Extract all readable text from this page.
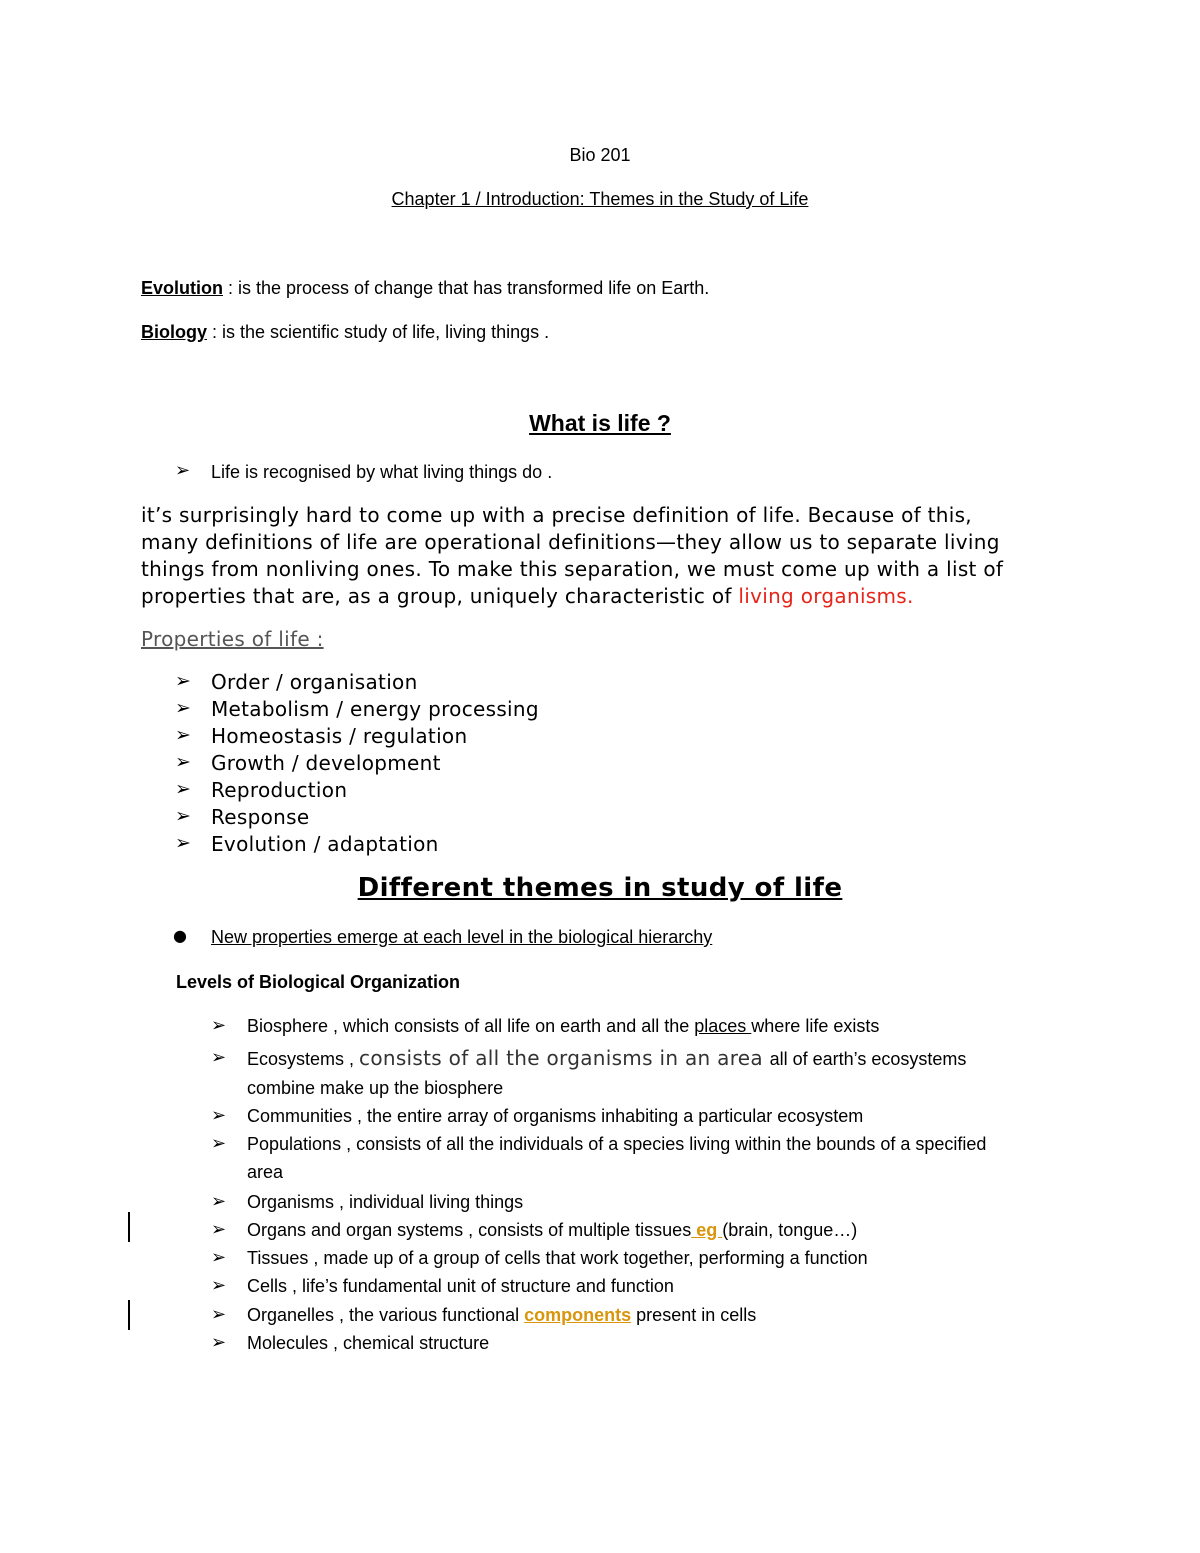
Bio 201
Chapter 1 / Introduction: Themes in the Study of Life
Evolution : is the process of change that has transformed life on Earth.
Biology : is the scientific study of life, living things .
What is life ?
➢ Life is recognised by what living things do .
it’s surprisingly hard to come up with a precise definition of life. Because of this,
many definitions of life are operational definitions—they allow us to separate living
things from nonliving ones. To make this separation, we must come up with a list of
properties that are, as a group, uniquely characteristic of living organisms.
Properties of life :
➢ Order / organisation
➢ Metabolism / energy processing
➢ Homeostasis / regulation
➢ Growth / development
➢ Reproduction
➢ Response
➢ Evolution / adaptation
Different themes in study of life
● New properties emerge at each level in the biological hierarchy
Levels of Biological Organization
➢ Biosphere , which consists of all life on earth and all the places where life exists
➢ Ecosystems , consists of all the organisms in an area all of earth’s ecosystems
combine make up the biosphere
➢ Communities , the entire array of organisms inhabiting a particular ecosystem
➢ Populations , consists of all the individuals of a species living within the bounds of a specified
area
➢ Organisms , individual living things
➢ Organs and organ systems , consists of multiple tissues eg (brain, tongue…)
➢ Tissues , made up of a group of cells that work together, performing a function
➢ Cells , life’s fundamental unit of structure and function
➢ Organelles , the various functional components present in cells
➢ Molecules , chemical structure
